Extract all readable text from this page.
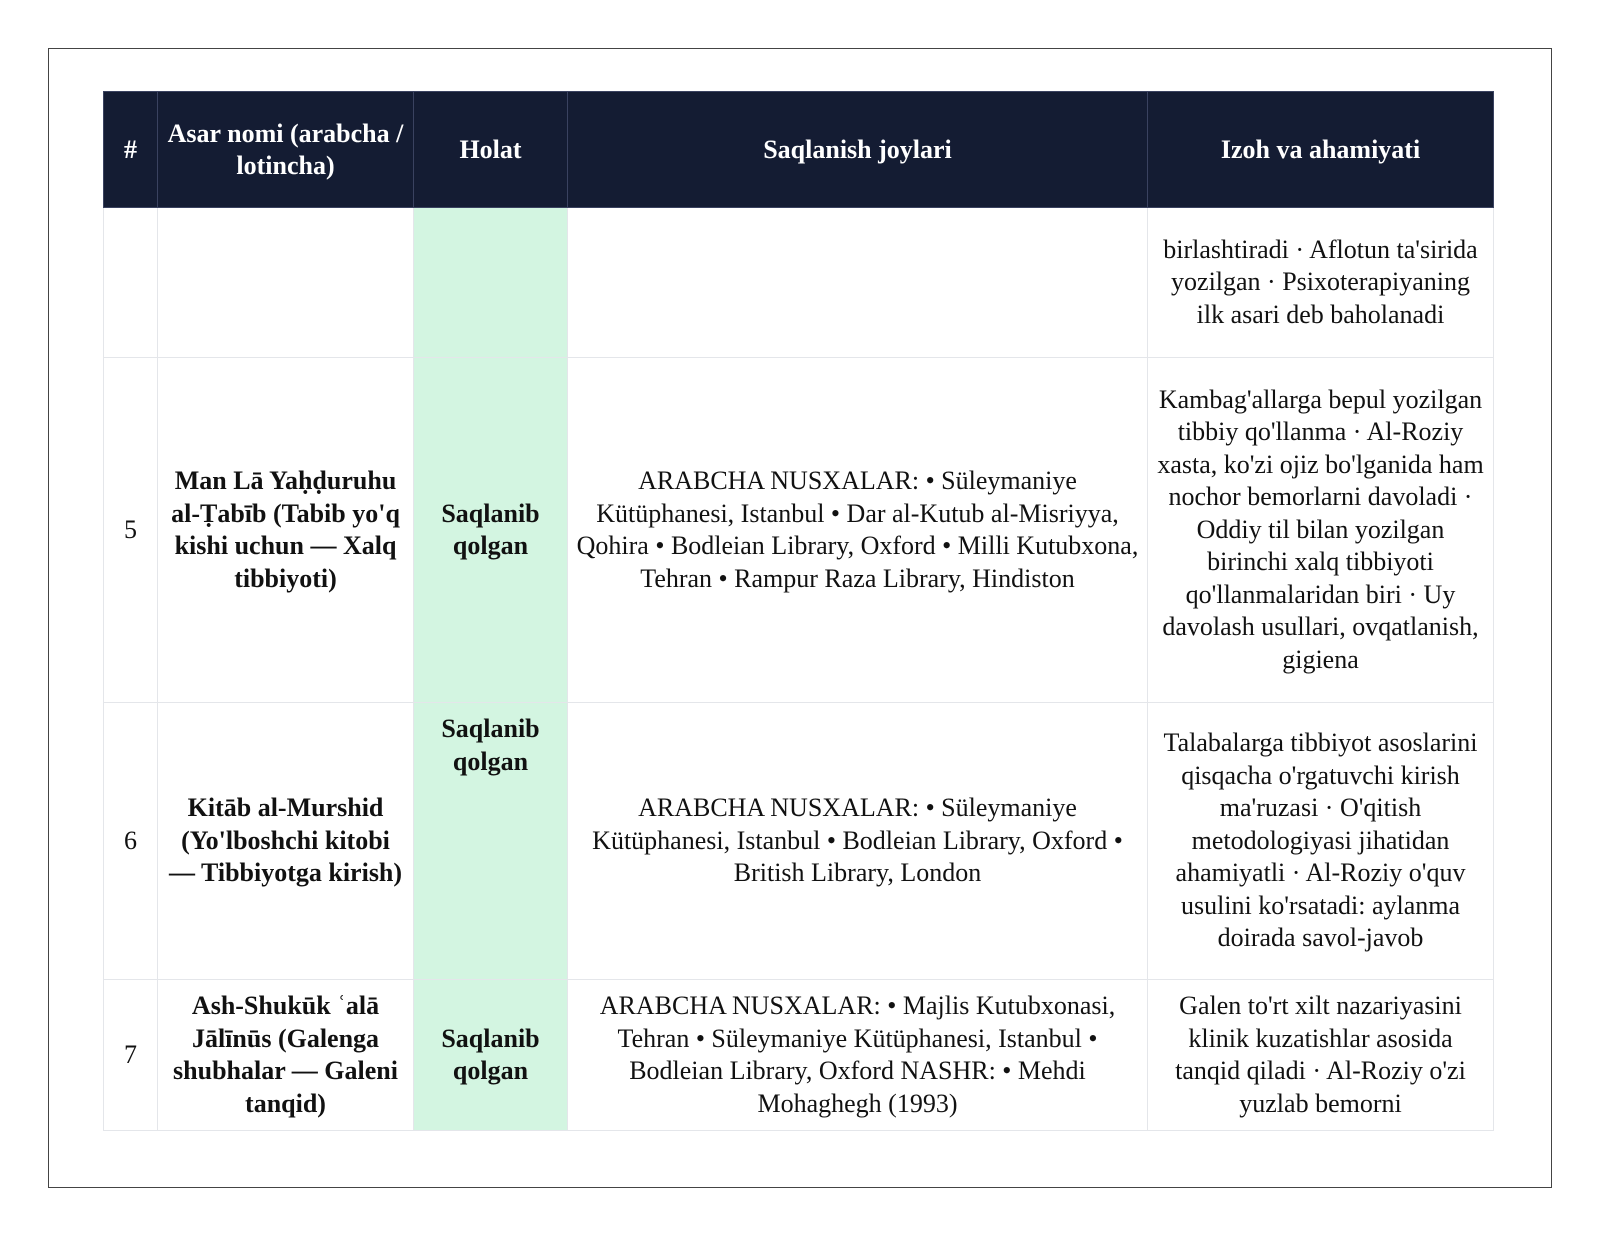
#	Asar nomi (arabcha / lotincha)	Holat	Saqlanish joylari	Izoh va ahamiyati
				birlashtiradi · Aflotun ta'sirida yozilgan · Psixoterapiyaning ilk asari deb baholanadi
5	Man Lā Yaḥḍuruhu al-Ṭabīb (Tabib yo'q kishi uchun — Xalq tibbiyoti)	Saqlanib qolgan	ARABCHA NUSXALAR: • Süleymaniye Kütüphanesi, Istanbul • Dar al-Kutub al-Misriyya, Qohira • Bodleian Library, Oxford • Milli Kutubxona, Tehran • Rampur Raza Library, Hindiston	Kambag'allarga bepul yozilgan tibbiy qo'llanma · Al-Roziy xasta, ko'zi ojiz bo'lganida ham nochor bemorlarni davoladi · Oddiy til bilan yozilgan birinchi xalq tibbiyoti qo'llanmalaridan biri · Uy davolash usullari, ovqatlanish, gigiena
6	Kitāb al-Murshid (Yo'lboshchi kitobi — Tibbiyotga kirish)	Saqlanib qolgan	ARABCHA NUSXALAR: • Süleymaniye Kütüphanesi, Istanbul • Bodleian Library, Oxford • British Library, London	Talabalarga tibbiyot asoslarini qisqacha o'rgatuvchi kirish ma'ruzasi · O'qitish metodologiyasi jihatidan ahamiyatli · Al-Roziy o'quv usulini ko'rsatadi: aylanma doirada savol-javob
7	Ash-Shukūk ʿalā Jālīnūs (Galenga shubhalar — Galeni tanqid)	Saqlanib qolgan	ARABCHA NUSXALAR: • Majlis Kutubxonasi, Tehran • Süleymaniye Kütüphanesi, Istanbul • Bodleian Library, Oxford NASHR: • Mehdi Mohaghegh (1993)	Galen to'rt xilt nazariyasini klinik kuzatishlar asosida tanqid qiladi · Al-Roziy o'zi yuzlab bemorni
